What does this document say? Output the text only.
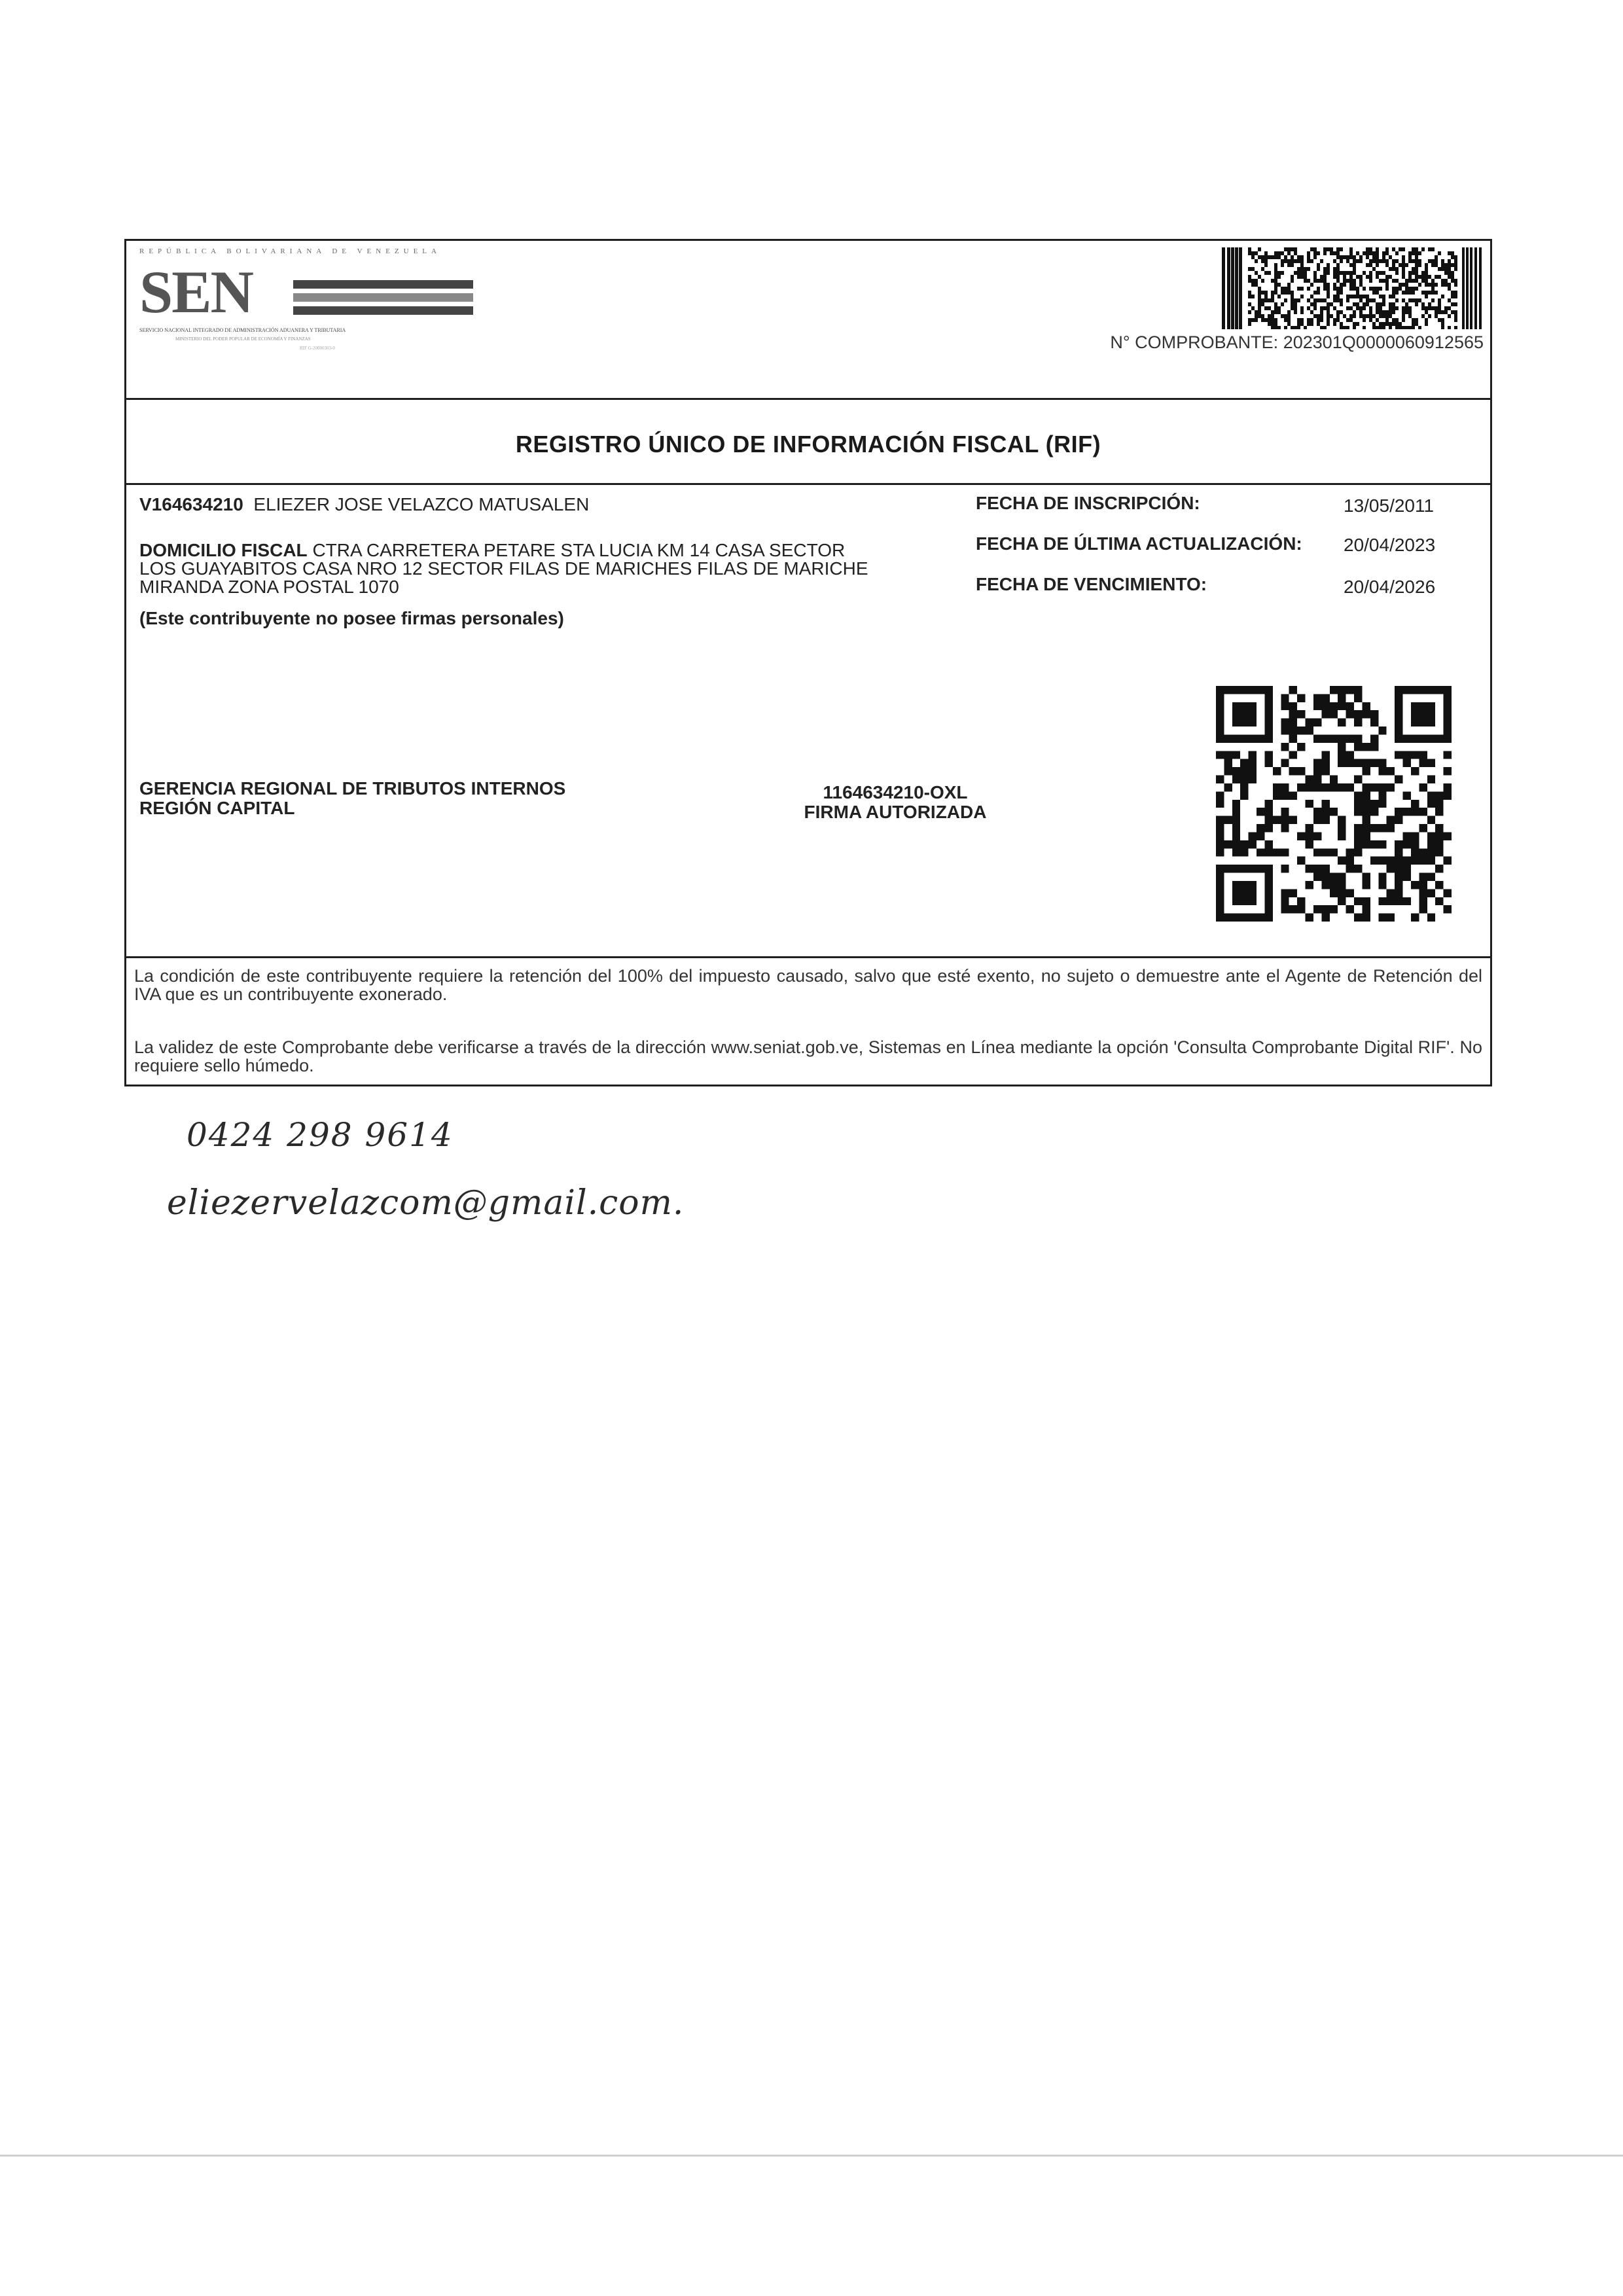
REPÚBLICA BOLIVARIANA DE VENEZUELA
SEN
SERVICIO NACIONAL INTEGRADO DE ADMINISTRACIÓN ADUANERA Y TRIBUTARIA
MINISTERIO DEL PODER POPULAR DE ECONOMÍA Y FINANZAS
RIF G-20000303-0	N° COMPROBANTE: 202301Q0000060912565
REGISTRO ÚNICO DE INFORMACIÓN FISCAL (RIF)
V164634210 ELIEZER JOSE VELAZCO MATUSALEN
DOMICILIO FISCAL CTRA CARRETERA PETARE STA LUCIA KM 14 CASA SECTOR
LOS GUAYABITOS CASA NRO 12 SECTOR FILAS DE MARICHES FILAS DE MARICHE
MIRANDA ZONA POSTAL 1070
(Este contribuyente no posee firmas personales)
FECHA DE INSCRIPCIÓN:	13/05/2011
FECHA DE ÚLTIMA ACTUALIZACIÓN: 20/04/2023
FECHA DE VENCIMIENTO:	20/04/2026
GERENCIA REGIONAL DE TRIBUTOS INTERNOS
REGIÓN CAPITAL
1164634210-OXL
FIRMA AUTORIZADA
La condición de este contribuyente requiere la retención del 100% del impuesto causado, salvo que esté exento, no sujeto o demuestre ante el Agente de Retención del IVA que es un contribuyente exonerado.
La validez de este Comprobante debe verificarse a través de la dirección www.seniat.gob.ve, Sistemas en Línea mediante la opción 'Consulta Comprobante Digital RIF'. No requiere sello húmedo.
0424 298 9614
eliezervelazcom@gmail.com.
